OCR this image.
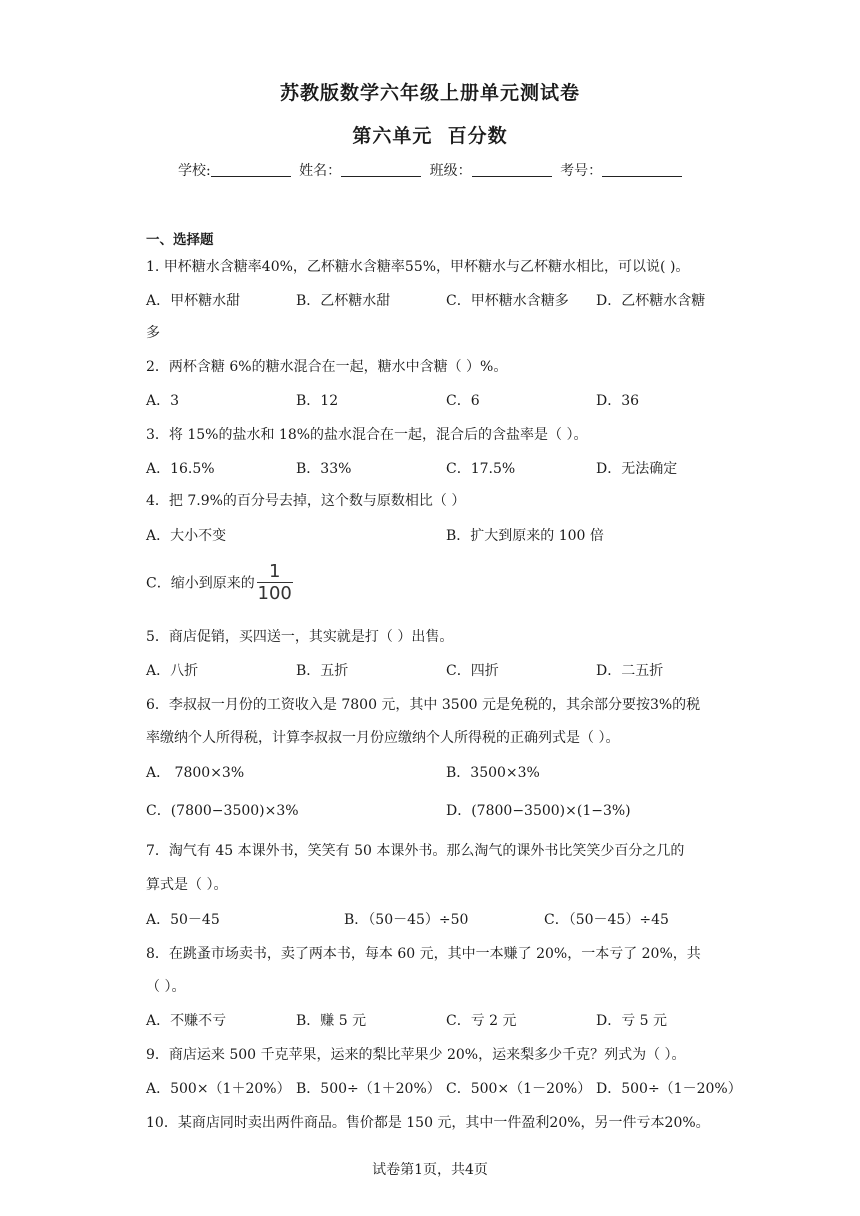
苏教版数学六年级上册单元测试卷
第六单元  百分数
学校:	姓名：	班级：	考号：
一、选择题
1. 甲杯糖水含糖率40%，乙杯糖水含糖率55%，甲杯糖水与乙杯糖水相比，可以说( )。
A．甲杯糖水甜	B．乙杯糖水甜	C．甲杯糖水含糖多 D．乙杯糖水含糖
多
2．两杯含糖 6%的糖水混合在一起，糖水中含糖（ ）%。
A．3	B．12	C．6	D．36
3．将 15%的盐水和 18%的盐水混合在一起，混合后的含盐率是（ ）。
A．16.5%	B．33%	C．17.5%	D．无法确定
4．把 7.9%的百分号去掉，这个数与原数相比（ ）
A．大小不变	B．扩大到原来的 100 倍
C．缩小到原来的 $\frac{1}{100}$
5．商店促销，买四送一，其实就是打（ ）出售。
A．八折	B．五折	C．四折	D．二五折
6．李叔叔一月份的工资收入是 7800 元，其中 3500 元是免税的，其余部分要按3%的税
率缴纳个人所得税，计算李叔叔一月份应缴纳个人所得税的正确列式是（ ）。
A． 7800×3%	B．3500×3%
C．(7800−3500)×3%	D．(7800−3500)×(1−3%)
7．淘气有 45 本课外书，笑笑有 50 本课外书。那么淘气的课外书比笑笑少百分之几的
算式是（ ）。
A．50－45	B．（50－45）÷50	C．（50－45）÷45
8．在跳蚤市场卖书，卖了两本书，每本 60 元，其中一本赚了 20%，一本亏了 20%，共
（ ）。
A．不赚不亏	B．赚 5 元	C．亏 2 元	D．亏 5 元
9．商店运来 500 千克苹果，运来的梨比苹果少 20%，运来梨多少千克？列式为（ ）。
A．500×（1＋20%） B．500÷（1＋20%） C．500×（1－20%） D．500÷（1－20%）
10．某商店同时卖出两件商品。售价都是 150 元，其中一件盈利20%，另一件亏本20%。
试卷第1页，共4页
